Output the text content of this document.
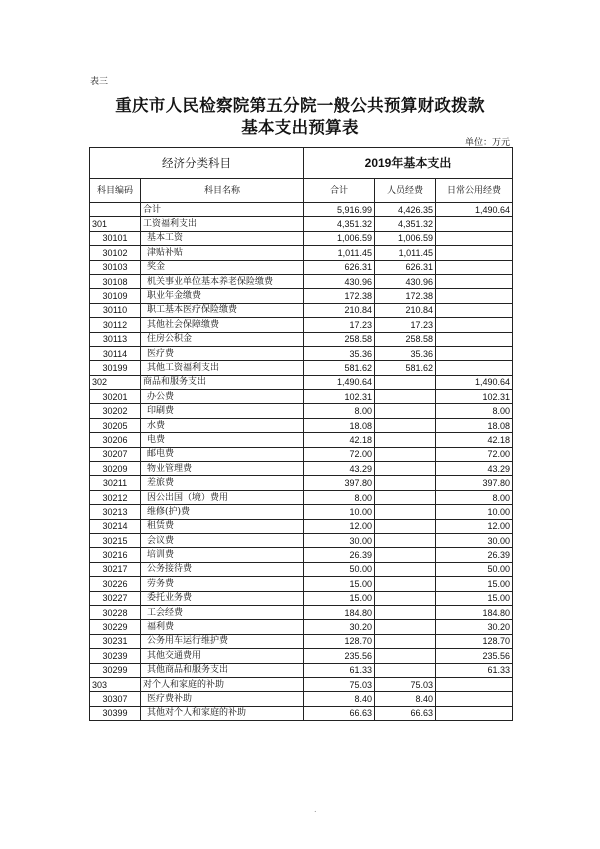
表三
重庆市人民检察院第五分院一般公共预算财政拨款
基本支出预算表
单位：万元
经济分类科目		2019年基本支出		
科目编码	科目名称	合计	人员经费	日常公用经费
	合计	5,916.99	4,426.35	1,490.64
301	工资福利支出	4,351.32	4,351.32	
30101	基本工资	1,006.59	1,006.59	
30102	津贴补贴	1,011.45	1,011.45	
30103	奖金	626.31	626.31	
30108	机关事业单位基本养老保险缴费	430.96	430.96	
30109	职业年金缴费	172.38	172.38	
30110	职工基本医疗保险缴费	210.84	210.84	
30112	其他社会保障缴费	17.23	17.23	
30113	住房公积金	258.58	258.58	
30114	医疗费	35.36	35.36	
30199	其他工资福利支出	581.62	581.62	
302	商品和服务支出	1,490.64		1,490.64
30201	办公费	102.31		102.31
30202	印刷费	8.00		8.00
30205	水费	18.08		18.08
30206	电费	42.18		42.18
30207	邮电费	72.00		72.00
30209	物业管理费	43.29		43.29
30211	差旅费	397.80		397.80
30212	因公出国（境）费用	8.00		8.00
30213	维修(护)费	10.00		10.00
30214	租赁费	12.00		12.00
30215	会议费	30.00		30.00
30216	培训费	26.39		26.39
30217	公务接待费	50.00		50.00
30226	劳务费	15.00		15.00
30227	委托业务费	15.00		15.00
30228	工会经费	184.80		184.80
30229	福利费	30.20		30.20
30231	公务用车运行维护费	128.70		128.70
30239	其他交通费用	235.56		235.56
30299	其他商品和服务支出	61.33		61.33
303	对个人和家庭的补助	75.03	75.03	
30307	医疗费补助	8.40	8.40	
30399	其他对个人和家庭的补助	66.63	66.63	
.
